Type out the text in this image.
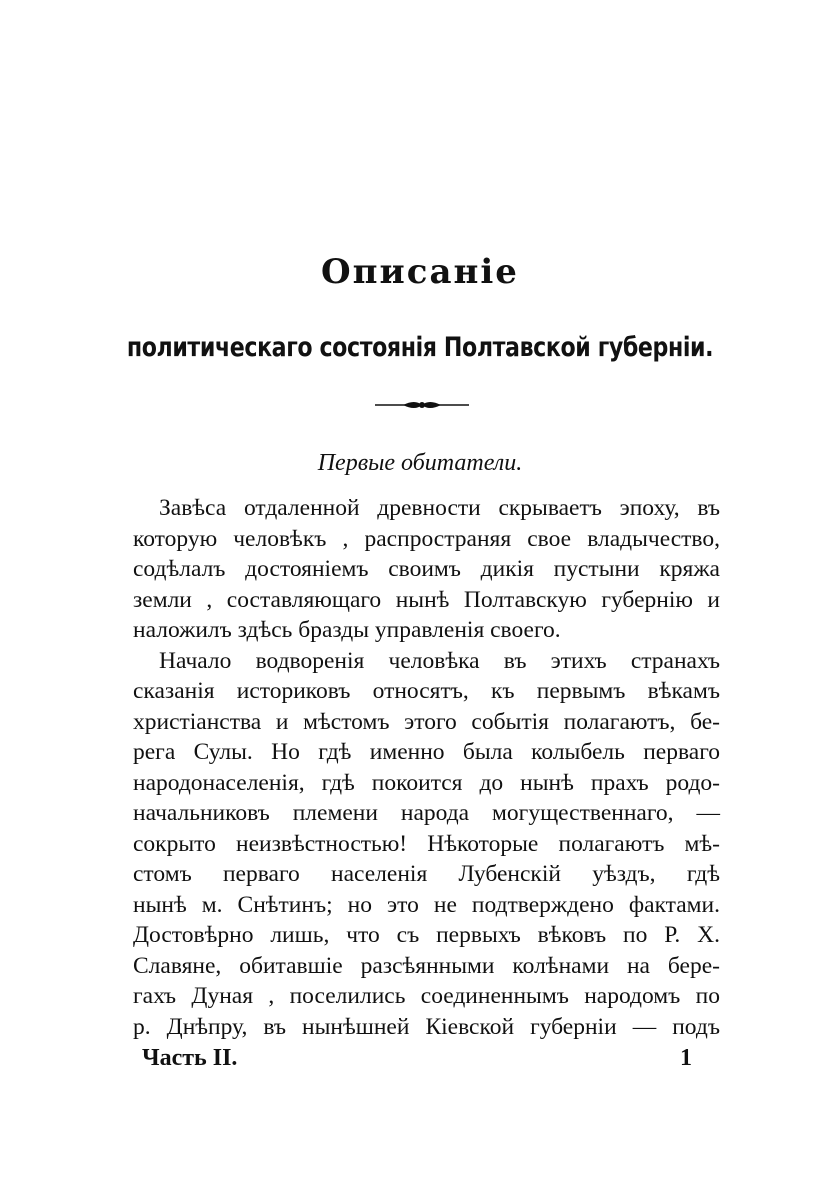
Описаніе
политическаго состоянія Полтавской губерніи.
Первые обитатели.
Завѣса отдаленной древности скрываетъ эпоху, въ
которую человѣкъ , распространяя свое владычество,
содѣлалъ достояніемъ своимъ дикія пустыни кряжа
земли , составляющаго нынѣ Полтавскую губернію и
наложилъ здѣсь бразды управленія своего.
Начало водворенія человѣка въ этихъ странахъ
сказанія историковъ относятъ, къ первымъ вѣкамъ
христіанства и мѣстомъ этого событія полагаютъ, бе-
рега Сулы. Но гдѣ именно была колыбель перваго
народонаселенія, гдѣ покоится до нынѣ прахъ родо-
начальниковъ племени народа могущественнаго, —
сокрыто неизвѣстностью! Нѣкоторые полагаютъ мѣ-
стомъ перваго населенія Лубенскій уѣздъ, гдѣ
нынѣ м. Снѣтинъ; но это не подтверждено фактами.
Достовѣрно лишь, что съ первыхъ вѣковъ по Р. Х.
Славяне, обитавшіе разсѣянными колѣнами на бере-
гахъ Дуная , поселились соединеннымъ народомъ по
р. Днѣпру, въ нынѣшней Кіевской губерніи — подъ
Часть II.	1
